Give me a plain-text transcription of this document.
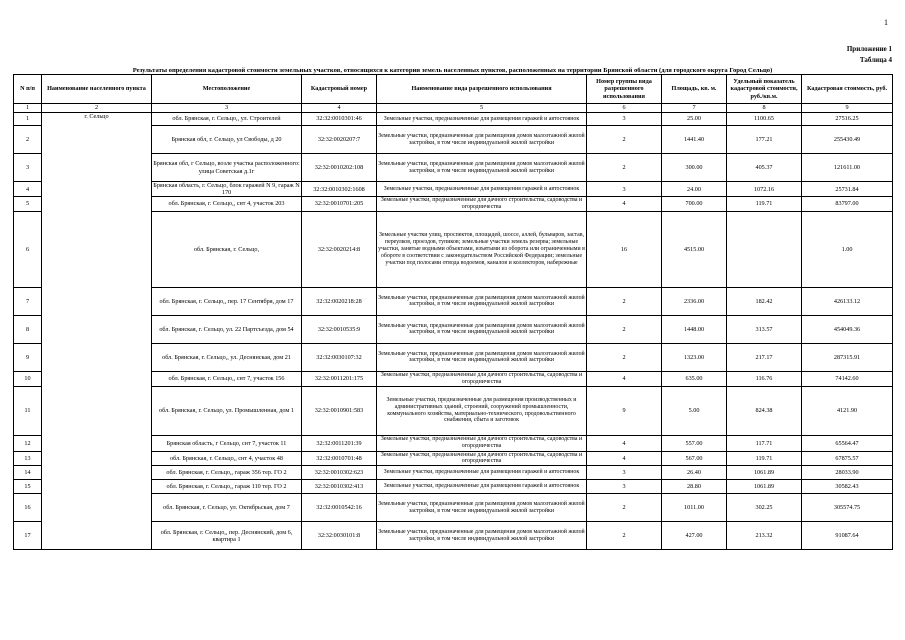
1
Приложение 1
Таблица 4
Результаты определения кадастровой стоимости земельных участков, относящихся к категории земель населенных пунктов, расположенных на территории Брянской области (для городского округа Город Сельцо)
N п/п	Наименование населенного пункта	Местоположение	Кадастровый номер	Наименование вида разрешенного использования	Номер группы вида разрешенного использования	Площадь, кв. м.	Удельный показатель кадастровой стоимости, руб./кв.м.	Кадастровая стоимость, руб.
1	2	3	4	5	6	7	8	9
1	г. Сельцо	обл. Брянская, г. Сельцо,, ул. Строителей	32:32:0010301:46	Земельные участки, предназначенные для размещения гаражей и автостоянок	3	25.00	1100.65	27516.25
2		Брянская обл, г. Сельцо, ул Свободы, д 20	32:32:0020207:7	Земельные участки, предназначенные для размещения домов малоэтажной жилой застройки, в том числе индивидуальной жилой застройки	2	1441.40	177.21	255430.49
3		Брянская обл, г Сельцо, возле участка расположенного: улица Советская д.1г	32:32:0010202:108	Земельные участки, предназначенные для размещения домов малоэтажной жилой застройки, в том числе индивидуальной жилой застройки	2	300.00	405.37	121611.00
4		Брянская область, г. Сельцо, блок гаражей N 9, гараж N 170	32:32:0010302:1608	Земельные участки, предназначенные для размещения гаражей и автостоянок	3	24.00	1072.16	25731.84
5		обл. Брянская, г. Сельцо,, снт 4, участок 203	32:32:0010701:205	Земельные участки, предназначенные для дачного строительства, садоводства и огородничества	4	700.00	119.71	83797.00
6		обл. Брянская, г. Сельцо,	32:32:0020214:8	Земельные участки улиц, проспектов, площадей, шоссе, аллей, бульваров, застав, переулков, проездов, тупиков; земельные участки земель резерва; земельные участки, занятые водными объектами, изъятыми из оборота или ограниченными в обороте в соответствии с законодательством Российской Федерации; земельные участки под полосами отвода водоемов, каналов и коллекторов, набережные	16	4515.00		1.00
7		обл. Брянская, г. Сельцо,, пер. 17 Сентября, дом 17	32:32:0020218:28	Земельные участки, предназначенные для размещения домов малоэтажной жилой застройки, в том числе индивидуальной жилой застройки	2	2336.00	182.42	426133.12
8		обл. Брянская, г. Сельцо, ул. 22 Партсъезда, дом 54	32:32:0010535:9	Земельные участки, предназначенные для размещения домов малоэтажной жилой застройки, в том числе индивидуальной жилой застройки	2	1448.00	313.57	454049.36
9		обл. Брянская, г. Сельцо,, ул. Деснянская, дом 21	32:32:0030107:32	Земельные участки, предназначенные для размещения домов малоэтажной жилой застройки, в том числе индивидуальной жилой застройки	2	1323.00	217.17	287315.91
10		обл. Брянская, г. Сельцо,, снт 7, участок 156	32:32:0011201:175	Земельные участки, предназначенные для дачного строительства, садоводства и огородничества	4	635.00	116.76	74142.60
11		обл. Брянская, г. Сельцо, ул. Промышленная, дом 1	32:32:0010901:583	Земельные участки, предназначенные для размещения производственных и административных зданий, строений, сооружений промышленности, коммунального хозяйства, материально-технического, продовольственного снабжения, сбыта и заготовок	9	5.00	824.38	4121.90
12		Брянская область, г Сельцо, снт 7, участок 11	32:32:0011201:39	Земельные участки, предназначенные для дачного строительства, садоводства и огородничества	4	557.00	117.71	65564.47
13		обл. Брянская, г. Сельцо,, снт 4, участок 48	32:32:0010701:48	Земельные участки, предназначенные для дачного строительства, садоводства и огородничества	4	567.00	119.71	67875.57
14		обл. Брянская, г. Сельцо,, гараж 356 тер. ГО 2	32:32:0010302:623	Земельные участки, предназначенные для размещения гаражей и автостоянок	3	26.40	1061.89	28033.90
15		обл. Брянская, г. Сельцо,, гараж 110 тер. ГО 2	32:32:0010302:413	Земельные участки, предназначенные для размещения гаражей и автостоянок	3	28.80	1061.89	30582.43
16		обл. Брянская, г. Сельцо, ул. Октябрьская, дом 7	32:32:0010542:16	Земельные участки, предназначенные для размещения домов малоэтажной жилой застройки, в том числе индивидуальной жилой застройки	2	1011.00	302.25	305574.75
17		обл. Брянская, г. Сельцо,, пер. Деснянский, дом 6, квартира 1	32:32:0030101:8	Земельные участки, предназначенные для размещения домов малоэтажной жилой застройки, в том числе индивидуальной жилой застройки	2	427.00	213.32	91087.64
